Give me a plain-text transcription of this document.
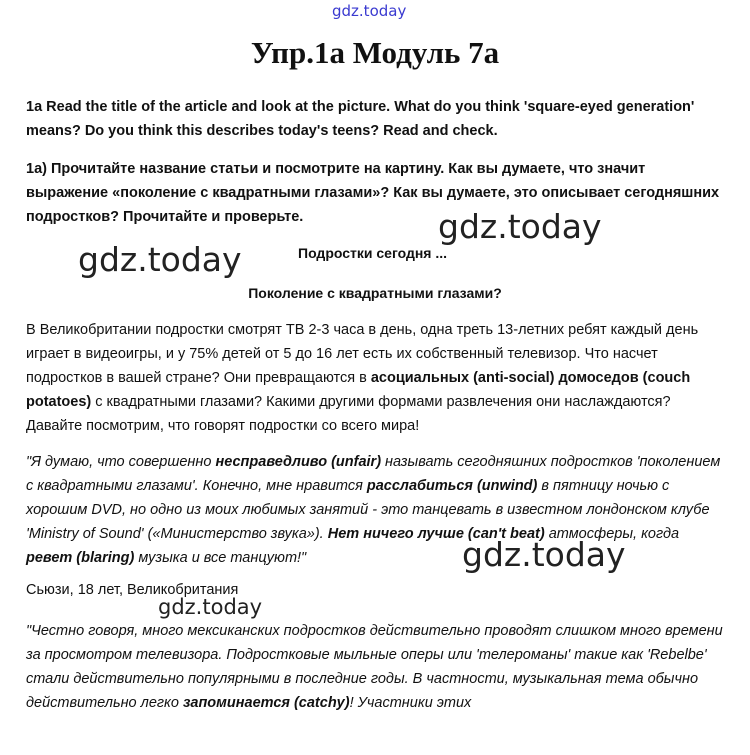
gdz.today
Упр.1а Модуль 7а

1a Read the title of the article and look at the picture. What do you think 'square-eyed generation' means? Do you think this describes today's teens? Read and check.

1а) Прочитайте название статьи и посмотрите на картину. Как вы думаете, что значит выражение «поколение с квадратными глазами»? Как вы думаете, это описывает сегодняшних подростков? Прочитайте и проверьте.	gdz.today
Подростки сегодня ...
gdz.today
Поколение с квадратными глазами?

В Великобритании подростки смотрят ТВ 2-3 часа в день, одна треть 13-летних ребят каждый день играет в видеоигры, и у 75% детей от 5 до 16 лет есть их собственный телевизор. Что насчет подростков в вашей стране? Они превращаются в асоциальных (anti-social) домоседов (couch potatoes) с квадратными глазами? Какими другими формами развлечения они наслаждаются? Давайте посмотрим, что говорят подростки со всего мира!

"Я думаю, что совершенно несправедливо (unfair) называть сегодняшних подростков 'поколением с квадратными глазами'. Конечно, мне нравится расслабиться (unwind) в пятницу ночью с хорошим DVD, но одно из моих любимых занятий - это танцевать в известном лондонском клубе 'Ministry of Sound' («Министерство звука»). Нет ничего лучше (can't beat) атмосферы, когда ревет (blaring) музыка и все танцуют!"	gdz.today
Сьюзи, 18 лет, Великобритания
gdz.today

"Честно говоря, много мексиканских подростков действительно проводят слишком много времени за просмотром телевизора. Подростковые мыльные оперы или 'телероманы' такие как 'Rebelbe' стали действительно популярными в последние годы. В частности, музыкальная тема обычно действительно легко запоминается (catchy)! Участники этих
